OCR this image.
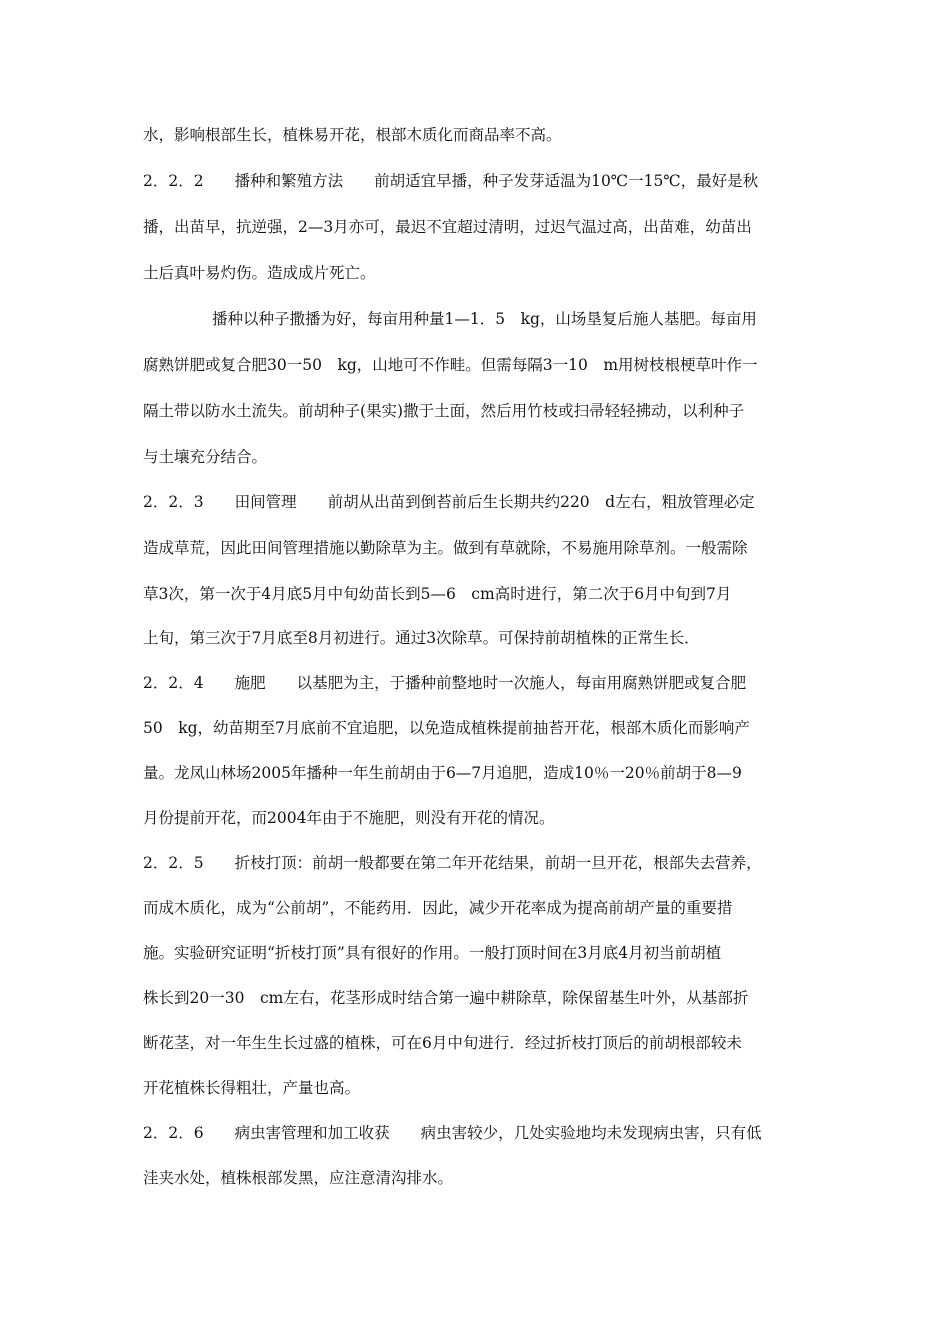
水，影响根部生长，植株易开花，根部木质化而商品率不高。

2．2．2　　播种和繁殖方法　　前胡适宜早播，种子发芽适温为10℃一15℃，最好是秋

播，出苗早，抗逆强，2—3月亦可，最迟不宜超过清明，过迟气温过高，出苗难，幼苗出

土后真叶易灼伤。造成成片死亡。

播种以种子撒播为好，每亩用种量1—1．5　kg，山场垦复后施人基肥。每亩用

腐熟饼肥或复合肥30一50　kg，山地可不作畦。但需每隔3一10　m用树枝根梗草叶作一

隔土带以防水土流失。前胡种子(果实)撒于土面，然后用竹枝或扫帚轻轻拂动，以利种子

与土壤充分结合。

2．2．3　　田间管理　　前胡从出苗到倒苔前后生长期共约220　d左右，粗放管理必定

造成草荒，因此田间管理措施以勤除草为主。做到有草就除，不易施用除草剂。一般需除

草3次，第一次于4月底5月中旬幼苗长到5—6　cm高时进行，第二次于6月中旬到7月

上旬，第三次于7月底至8月初进行。通过3次除草。可保持前胡植株的正常生长．

2．2．4　　施肥　　以基肥为主，于播种前整地时一次施人，每亩用腐熟饼肥或复合肥

50　kg，幼苗期至7月底前不宜追肥，以免造成植株提前抽苔开花，根部木质化而影响产

量。龙凤山林场2005年播种一年生前胡由于6—7月追肥，造成10％一20％前胡于8—9

月份提前开花，而2004年由于不施肥，则没有开花的情况。

2．2．5　　折枝打顶：前胡一般都要在第二年开花结果，前胡一旦开花，根部失去营养，

而成木质化，成为“公前胡”，不能药用．因此，减少开花率成为提高前胡产量的重要措

施。实验研究证明“折枝打顶”具有很好的作用。一般打顶时间在3月底4月初当前胡植

株长到20一30　cm左右，花茎形成时结合第一遍中耕除草，除保留基生叶外，从基部折

断花茎，对一年生生长过盛的植株，可在6月中旬进行．经过折枝打顶后的前胡根部较未

开花植株长得粗壮，产量也高。

2．2．6　　病虫害管理和加工收获　　病虫害较少，几处实验地均未发现病虫害，只有低

洼夹水处，植株根部发黑，应注意清沟排水。
